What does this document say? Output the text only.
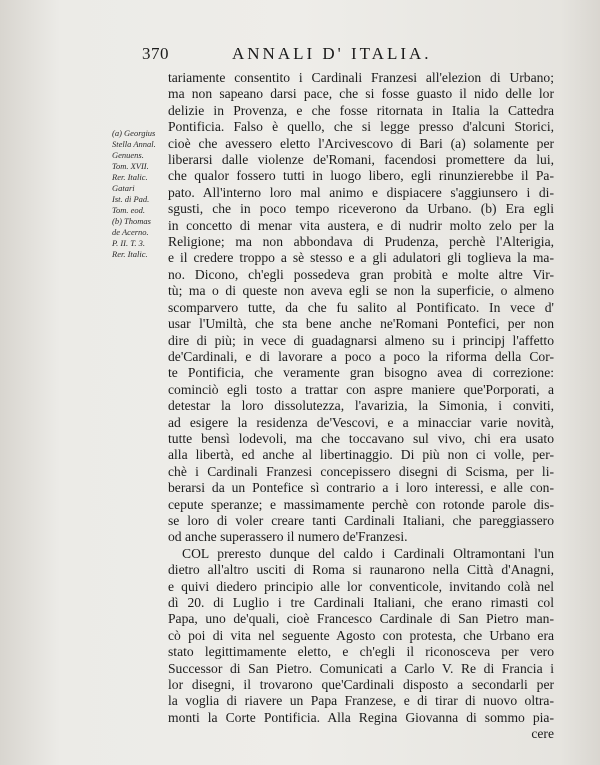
370	ANNALI D' ITALIA.
(a) Georgius
Stella Annal.
Genuens.
Tom. XVII.
Rer. Italic.
Gatari
Ist. di Pad.
Tom. eod.
(b) Thomas
de Acerno.
P. II. T. 3.
Rer. Italic.
tariamente consentito i Cardinali Franzesi all'elezion di Urbano;
ma non sapeano darsi pace, che si fosse guasto il nido delle lor
delizie in Provenza, e che fosse ritornata in Italia la Cattedra
Pontificia. Falso è quello, che si legge presso d'alcuni Storici,
cioè che avessero eletto l'Arcivescovo di Bari (a) solamente per
liberarsi dalle violenze de'Romani, facendosi promettere da lui,
che qualor fossero tutti in luogo libero, egli rinunzierebbe il Pa-
pato. All'interno loro mal animo e dispiacere s'aggiunsero i di-
sgusti, che in poco tempo riceverono da Urbano. (b) Era egli
in concetto di menar vita austera, e di nudrir molto zelo per la
Religione; ma non abbondava di Prudenza, perchè l'Alterigia,
e il credere troppo a sè stesso e a gli adulatori gli toglieva la ma-
no. Dicono, ch'egli possedeva gran probità e molte altre Vir-
tù; ma o di queste non aveva egli se non la superficie, o almeno
scomparvero tutte, da che fu salito al Pontificato. In vece d'
usar l'Umiltà, che sta bene anche ne'Romani Pontefici, per non
dire di più; in vece di guadagnarsi almeno su i principj l'affetto
de'Cardinali, e di lavorare a poco a poco la riforma della Cor-
te Pontificia, che veramente gran bisogno avea di correzione:
cominciò egli tosto a trattar con aspre maniere que'Porporati, a
detestar la loro dissolutezza, l'avarizia, la Simonia, i conviti,
ad esigere la residenza de'Vescovi, e a minacciar varie novità,
tutte bensì lodevoli, ma che toccavano sul vivo, chi era usato
alla libertà, ed anche al libertinaggio. Di più non ci volle, per-
chè i Cardinali Franzesi concepissero disegni di Scisma, per li-
berarsi da un Pontefice sì contrario a i loro interessi, e alle con-
cepute speranze; e massimamente perchè con rotonde parole dis-
se loro di voler creare tanti Cardinali Italiani, che pareggiassero
od anche superassero il numero de'Franzesi.
COL preresto dunque del caldo i Cardinali Oltramontani l'un
dietro all'altro usciti di Roma si raunarono nella Città d'Anagni,
e quivi diedero principio alle lor conventicole, invitando colà nel
dì 20. di Luglio i tre Cardinali Italiani, che erano rimasti col
Papa, uno de'quali, cioè Francesco Cardinale di San Pietro man-
cò poi di vita nel seguente Agosto con protesta, che Urbano era
stato legittimamente eletto, e ch'egli il riconosceva per vero
Successor di San Pietro. Comunicati a Carlo V. Re di Francia i
lor disegni, il trovarono que'Cardinali disposto a secondarli per
la voglia di riavere un Papa Franzese, e di tirar di nuovo oltra-
monti la Corte Pontificia. Alla Regina Giovanna di sommo pia-
cere
